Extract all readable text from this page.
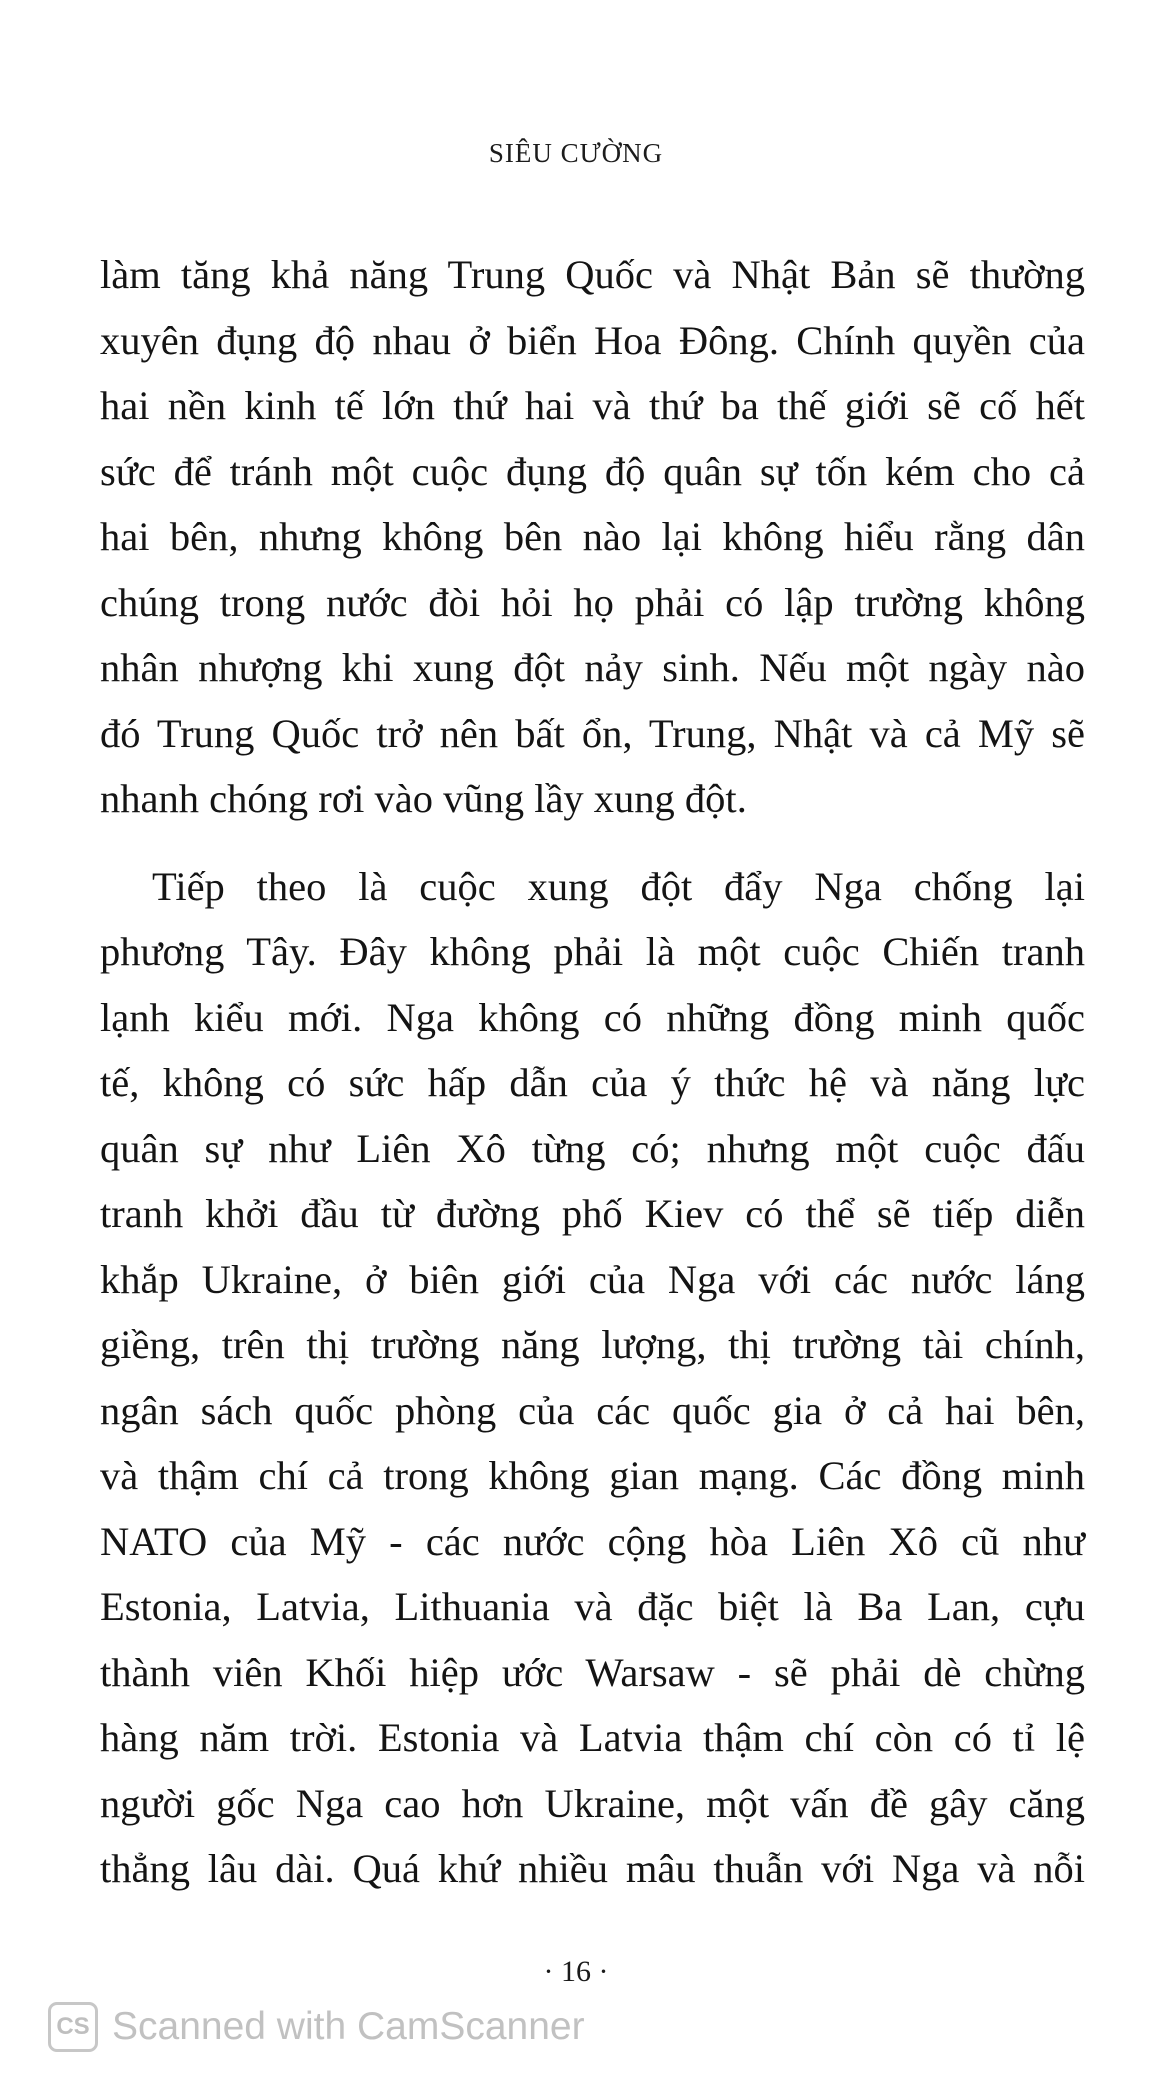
SIÊU CƯỜNG
làm tăng khả năng Trung Quốc và Nhật Bản sẽ thường
xuyên đụng độ nhau ở biển Hoa Đông. Chính quyền của
hai nền kinh tế lớn thứ hai và thứ ba thế giới sẽ cố hết
sức để tránh một cuộc đụng độ quân sự tốn kém cho cả
hai bên, nhưng không bên nào lại không hiểu rằng dân
chúng trong nước đòi hỏi họ phải có lập trường không
nhân nhượng khi xung đột nảy sinh. Nếu một ngày nào
đó Trung Quốc trở nên bất ổn, Trung, Nhật và cả Mỹ sẽ
nhanh chóng rơi vào vũng lầy xung đột.
Tiếp theo là cuộc xung đột đẩy Nga chống lại
phương Tây. Đây không phải là một cuộc Chiến tranh
lạnh kiểu mới. Nga không có những đồng minh quốc
tế, không có sức hấp dẫn của ý thức hệ và năng lực
quân sự như Liên Xô từng có; nhưng một cuộc đấu
tranh khởi đầu từ đường phố Kiev có thể sẽ tiếp diễn
khắp Ukraine, ở biên giới của Nga với các nước láng
giềng, trên thị trường năng lượng, thị trường tài chính,
ngân sách quốc phòng của các quốc gia ở cả hai bên,
và thậm chí cả trong không gian mạng. Các đồng minh
NATO của Mỹ - các nước cộng hòa Liên Xô cũ như
Estonia, Latvia, Lithuania và đặc biệt là Ba Lan, cựu
thành viên Khối hiệp ước Warsaw - sẽ phải dè chừng
hàng năm trời. Estonia và Latvia thậm chí còn có tỉ lệ
người gốc Nga cao hơn Ukraine, một vấn đề gây căng
thẳng lâu dài. Quá khứ nhiều mâu thuẫn với Nga và nỗi
· 16 ·
CS Scanned with CamScanner
